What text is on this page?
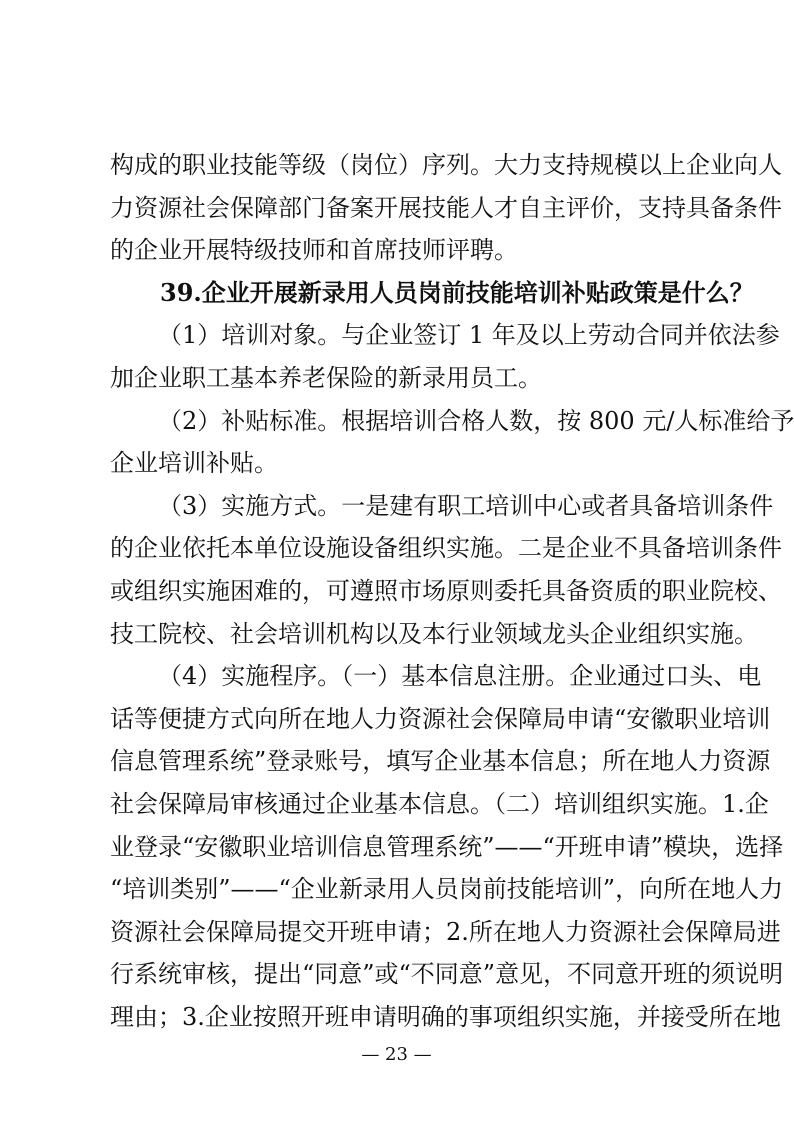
构成的职业技能等级（岗位）序列。大力支持规模以上企业向人
力资源社会保障部门备案开展技能人才自主评价，支持具备条件
的企业开展特级技师和首席技师评聘。
39.企业开展新录用人员岗前技能培训补贴政策是什么？
（1）培训对象。与企业签订 1 年及以上劳动合同并依法参
加企业职工基本养老保险的新录用员工。
（2）补贴标准。根据培训合格人数，按 800 元/人标准给予
企业培训补贴。
（3）实施方式。一是建有职工培训中心或者具备培训条件
的企业依托本单位设施设备组织实施。二是企业不具备培训条件
或组织实施困难的，可遵照市场原则委托具备资质的职业院校、
技工院校、社会培训机构以及本行业领域龙头企业组织实施。
（4）实施程序。（一）基本信息注册。企业通过口头、电
话等便捷方式向所在地人力资源社会保障局申请“安徽职业培训
信息管理系统”登录账号，填写企业基本信息；所在地人力资源
社会保障局审核通过企业基本信息。（二）培训组织实施。1.企
业登录“安徽职业培训信息管理系统”——“开班申请”模块，选择
“培训类别”——“企业新录用人员岗前技能培训”，向所在地人力
资源社会保障局提交开班申请；2.所在地人力资源社会保障局进
行系统审核，提出“同意”或“不同意”意见，不同意开班的须说明
— 23 —
理由；3.企业按照开班申请明确的事项组织实施，并接受所在地
